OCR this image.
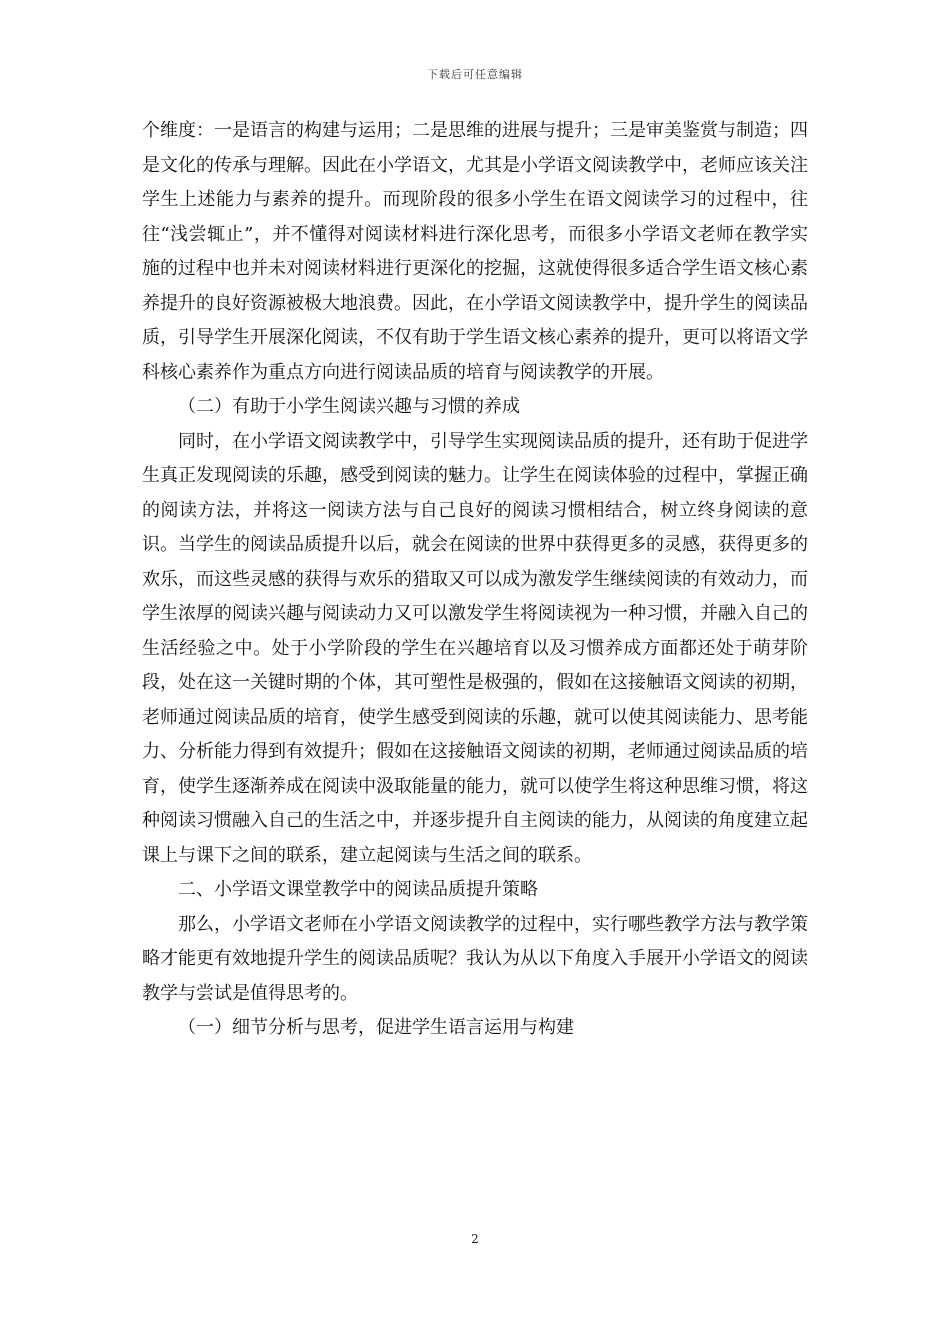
下载后可任意编辑

个维度：一是语言的构建与运用；二是思维的进展与提升；三是审美鉴赏与制造；四是文化的传承与理解。因此在小学语文，尤其是小学语文阅读教学中，老师应该关注学生上述能力与素养的提升。而现阶段的很多小学生在语文阅读学习的过程中，往往“浅尝辄止”，并不懂得对阅读材料进行深化思考，而很多小学语文老师在教学实施的过程中也并未对阅读材料进行更深化的挖掘，这就使得很多适合学生语文核心素养提升的良好资源被极大地浪费。因此，在小学语文阅读教学中，提升学生的阅读品质，引导学生开展深化阅读，不仅有助于学生语文核心素养的提升，更可以将语文学科核心素养作为重点方向进行阅读品质的培育与阅读教学的开展。

（二）有助于小学生阅读兴趣与习惯的养成

同时，在小学语文阅读教学中，引导学生实现阅读品质的提升，还有助于促进学生真正发现阅读的乐趣，感受到阅读的魅力。让学生在阅读体验的过程中，掌握正确的阅读方法，并将这一阅读方法与自己良好的阅读习惯相结合，树立终身阅读的意识。当学生的阅读品质提升以后，就会在阅读的世界中获得更多的灵感，获得更多的欢乐，而这些灵感的获得与欢乐的猎取又可以成为激发学生继续阅读的有效动力，而学生浓厚的阅读兴趣与阅读动力又可以激发学生将阅读视为一种习惯，并融入自己的生活经验之中。处于小学阶段的学生在兴趣培育以及习惯养成方面都还处于萌芽阶段，处在这一关键时期的个体，其可塑性是极强的，假如在这接触语文阅读的初期，老师通过阅读品质的培育，使学生感受到阅读的乐趣，就可以使其阅读能力、思考能力、分析能力得到有效提升；假如在这接触语文阅读的初期，老师通过阅读品质的培育，使学生逐渐养成在阅读中汲取能量的能力，就可以使学生将这种思维习惯，将这种阅读习惯融入自己的生活之中，并逐步提升自主阅读的能力，从阅读的角度建立起课上与课下之间的联系，建立起阅读与生活之间的联系。

二、小学语文课堂教学中的阅读品质提升策略

那么，小学语文老师在小学语文阅读教学的过程中，实行哪些教学方法与教学策略才能更有效地提升学生的阅读品质呢？我认为从以下角度入手展开小学语文的阅读教学与尝试是值得思考的。

（一）细节分析与思考，促进学生语言运用与构建

2
